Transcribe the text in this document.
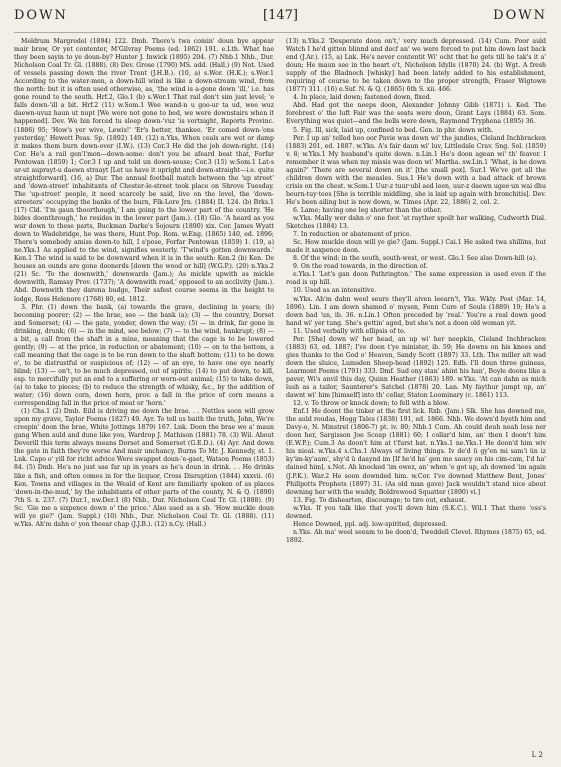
DOWN	[147]	DOWN

Meldrum Margredel (1894) 122. Dmb. There's twa comin' doun bye appear mair braw, Or yet contenter, M'Gilvray Poems (ed. 1862) 191. e.Lth. What hae they been sayin to ye doun-by? Hunter J. Inwick (1895) 204. (7) Nhb.1 Nhb., Dur. Nicholson Coal Tr. Gl. (1888). (8) Dev. Grose (1790) MS. add. (Hall.) (9) Not. Used of vessels passing down the river Trent (J.H.B.). (10, a) s.Wor. (H.K.); s.Wor.1 According to the water-men, a down-hill wind is like a down-stream wind, from the north: but it is often used otherwise, as, 'the wind is a-gone down 'ill,' i.e. has gone round to the south. Hrf.2, Glo.1 (b) s.Wor.1 That rail don't sim just level; 'e falls down-'ill a bit. Hrf.2 (11) w.Som.1 Wee wand-n u goo-ur ta ud, wee wuz daewn-uvuz haun ut nupt [We were not gone to bed, we were downstairs when it happened]. Dev. We bin forced tu sleep down-'vuz 'is vortnight, Reports Provinc. (1886) 95; 'How's yer wive, Lewis!' 'Er's better, thankee. 'Er comed down-'ons yesterday,' Hewett Peas. Sp. (1892) 149. (12) n.Yks. When ceals are wet or damp it makes them burn down-over (I.W.). (13) Cor.3 He did the job down-right. (14) Cor. He's a rail gen'l'mon—down-some: don't you be afeard beat that, Forfar Pentowan (1859) 1; Cor.3 I up and told un down-souse; Cor.3 (15) w.Som.1 Lat-s ur-ut auprayt-u daewn straayt [Let us have it upright and down-straight—i.e. quite straightforward]. (16, a) Dur. The annual football match between the 'up street' and 'down-street' inhabitants of Chester-le-street took place on Shrove Tuesday. The 'up-street' people, it need scarcely be said, live on the level, the 'down-streeters' occupying the banks of the burn, Flk-Lore Jrn. (1884) II. 124. (b) Brks.1 (17) Cld. 'I'm gaun thoorthough,' I am going to the lower part of the country. 'He bides doonthrough,' he resides in the lower part (Jam.). (18) Glo. 'A heard as you wur down to these parts, Buckman Darke's Sojourn (1890) xix. Cor. James Wyatt down to Wadebridge, he was there, Hunt Pop. Rom. w.Eng. (1865) 140, ed. 1896; There's somebody amiss down-to hill, I s'pose, Forfar Pentowan (1859) 1. (19, a) ne.Yks.1 As applied to the wind, signifies westerly. 'T'wind's gotten downwards.' Ken.1 The wind is said to be downward when it is in the south: Ken.2 (b) Ken. De houses an ounds are gone doonerds [down the wood or hill] (W.G.P.). (20) n.Yks.2 (21) Sc. 'To the downwith,' downwards (Jam.); As mickle upwith as mickle downwith, Ramsay Prov. (1737); 'A downwith road,' opposed to an acclivity (Jam.). Abd. Downwith they darena budge, Their safest course seems in the height to lodge, Ross Helenore (1768) 80, ed. 1812.

3. Phr. (1) down the bank, (a) towards the grave, declining in years; (b) becoming poorer; (2) — the brae, see — the bank (a); (3) — the country, Dorset and Somerset; (4) — the gate, yonder, down the way; (5) — in drink, far gone in drinking, drunk; (6) — in the mind, see below; (7) — to the wind, bankrupt; (8) — a bit, a call from the shaft in a mine, meaning that the cage is to be lowered gently; (9) — at the price, in reduction or abatement; (10) — on to the bottom, a call meaning that the cage is to be run down to the shaft bottom; (11) to be down o', to be distrustful or suspicious of; (12) — of an eye, to have one eye nearly blind; (13) — on't, to be much depressed, out of spirits; (14) to put down, to kill, esp. to mercifully put an end to a suffering or worn-out animal; (15) to take down, (a) to take to pieces; (b) to reduce the strength of whisky, &c., by the addition of water; (16) down corn, down horn, prov. a fall in the price of corn means a corresponding fall in the price of meat or 'horn.'

(1) Chs.1 (2) Dmb. Eild is driving me down the brae. . . Nettles soon will grow upon my grave, Taylor Poems (1827) 49. Ayr. To tell us baith the truth, John, We're creepin' doon the brae, White Jottings 1879) 167. Lnk. Doon the brae we a' maun gang When auld and dune like you, Wardrop J. Mathison (1881) 78. (3) Wil. About Deverill this term always means Dorset and Somerset (G.E.D.). (4) Ayr. And down the gate in faith they're worse And mair unchancy, Burns To Mr. J. Kennedy, st. 1. Lnk. Capo o' yill for richt advice Were swappet doun-'e-gaet, Watson Poems (1853) 84. (5) Dmb. He's no just sae far up in years as he's doun in drink. . . He drinks like a fish, and often comes in for the licquor, Cross Disruption (1844) xxxvii. (6) Ken. Towns and villages in the Weald of Kent are familiarly spoken of as places 'down-in-the-mud,' by the inhabitants of other parts of the county, N. & Q. (1890) 7th S. x. 237. (7) Dur.1, nw.Der.1 (8) Nhb., Dur. Nicholson Coal Tr. Gl. (1888). (9) Sc. 'Gie me a sixpence down o' the price.' Also used as a sb. 'How muckle doun will ye gie?' (Jam. Suppl.) (10) Nhb., Dur. Nicholson Coal Tr. Gl. (1888). (11) w.Yks. Ah'm dahn o' yon theear chap (J.J.B.). (12) n.Cy. (Hall.)

(13) n.Yks.2 'Desperate doon on't,' very much depressed. (14) Cum. Poor auld Watch I he'd gitten blinnd and decf an' we were forced to put him down last back end (J.Ar.). (15, a) Lnk. He's never contentit Wi' ocht that he gets till he tak's it a' doun; He maun see in the heart o't, Nicholson Idylls (1870) 24. (b) Wgt. A fresh supply of the Bladnoch [whisky] had been lately added to his establishment, requiring of course to be taken down to the proper strength, Fraser Wigtown (1877) 311. (16) e.Suf. N. & Q. (1865) 6th S. xii. 466.

4. In place, laid down; fastened down, fixed.

Abd. Had got the neeps doon, Alexander Johnny Gibb (1871) i. Ked. The forebrest o' the luft Fair was the seats were doon, Grant Lays (1884) 63. Som. Everything was quiet—and the bells were down, Raymond Tryphena (1895) 36.

5. Fig. Ill, sick, laid up, confined to bed. Gen. in phr. down with.

Per. I up an' telled hoo oor Pavie was down wi' the jandies, Cleland Inchbracken (1883) 201, ed. 1887. w.Yks. A's fair daun wi' luv, Littledale Crav. Sng. Sol. (1859) v. 8; w.Yks.1 My husband's quite down. n.Lin.1 He's doon agean wi' th' feaver. I remember it was when my missis was doon wi' Martha. sw.Lin.1 'What, is he down again?' 'There are several down on it' [the small pox]. Sur.1 We've got all the children down with the measles. Sus.1 He's down with a bad attack of brown crisis on the chest. w.Som.1 Uur-z tuur·ubl aed leen, uur-z daewn ugee·un wai dhu beurn-tuy·tees [She is terrible middling, she is laid up again with bronchitis]. Dev. He's been ailing but is now down, w. Times (Apr. 22, 1886) 2, col. 2.

6. Lame; having one leg shorter than the other.

w.Yks. Mally wer dahn o' one foot 'at rayther spoilt her walking, Cudworth Dial. Sketches (1884) 13.

7. In reduction or abatement of price.

Sc. How muckle doun will ye gie? (Jam. Suppl.) Cai.1 He asked twa shillins, but made it saxpence doon.

8. Of the wind: in the south, south-west, or west. Glo.1 See also Down-hill (a).

9. On the road towards, in the direction of.

e.Yks.1 'Let's gan doon Pathrington.' The same expression is used even if the road is up hill.

10. Used as an intensitive.

w.Yks. Ah'm dahn weel seure they'll aiven leearn't, Yks. Wkly. Post (Mar. 14, 1896). Lin. I am down shamed o' mysen, Fenn Cure of Souls (1889) 19; He's a down bad 'un, ib. 36. n.Lin.1 Often preceded by 'real.' You're a real down good hand wi' yer tung. She's gettin' aged, but she's not a doon old woman yit.

11. Used verbally with ellipsis of to.

Per. [She] down wi' her head, an up wi' her neepkin, Cleland Inchbracken (1883) 63, ed. 1887; I've doon t'ye minister, ib. 59; He downs on his knees and gies thanks to the God o' Heaven, Sandy Scott (1897) 33. Lth. The miller ait wad down the sluice, Lumsden Sheep-head (1892) 125. Edb. I'll doun three guineas, Learmont Poems (1791) 333. Dmf. Sud ony stan' ahint his han', Boyle doons like a paver, Wi's anvil this day, Quinn Heather (1863) 189. w.Yks. 'At can dahn as mich lush as a tailor, Saunterer's Satchel (1878) 20. Lan. My faythur jumpt up, an' dawnt wi' him [himself] into th' cellar, Staton Loominary (c. 1861) 113.

12. v. To throw or knock down; to fell with a blow.

Enf.1 He doont the tinker at the first lick. Rxb. (Jam.) Slk. She has downed me, the auld roudas, Hogg Tales (1838) 191, ed. 1866. Nhb. We down'd byeth him and Davy-o, N. Minstrel (1806-7) pt. iv. 80; Nhb.1 Cum. Ah could deuh neah less ner doon her, Sargisson Joe Scoap (1881) 60; I collar'd him, an' then I doon't him (E.W.P.); Cum.3 As doon't him at t'furst bat. n.Yks.1 ne.Yks.1 He doon'd him wiv his nieal. w.Yks.4 s.Chs.1 Always of living things. Iv de'd ü gy'en mi sam'i ün iz ky'im-ky'aam', shy'd ü daaynd im [If he'd ha' gen me saucy on his cim-cam, I'd ha' dained him]. s.Not. Ah knocked 'im owez, an' when 'e got up, ah downed 'im again (J.P.K.). War.2 He soon downded him. w.Cor. I've downed Matthew Bent, Jones' Phillpotts Prophets (1897) 31. (As old man gave) Jack wouldn't stand nice about downing her with the waddy, Boldrewood Squatter (1890) vi.]

13. Fig. To dishearten, discourage; to tire out, exhaust.

w.Yks. If you talk like that you'll down him (S.K.C.). Wil.1 That there 'oss's downed.

Hence Downed, ppl. adj. low-spirited, depressed.

n.Yks. Ah ma' weel seeam to be doon'd, Tweddell Clevel. Rhymes (1875) 65, ed. 1892.

L 2
